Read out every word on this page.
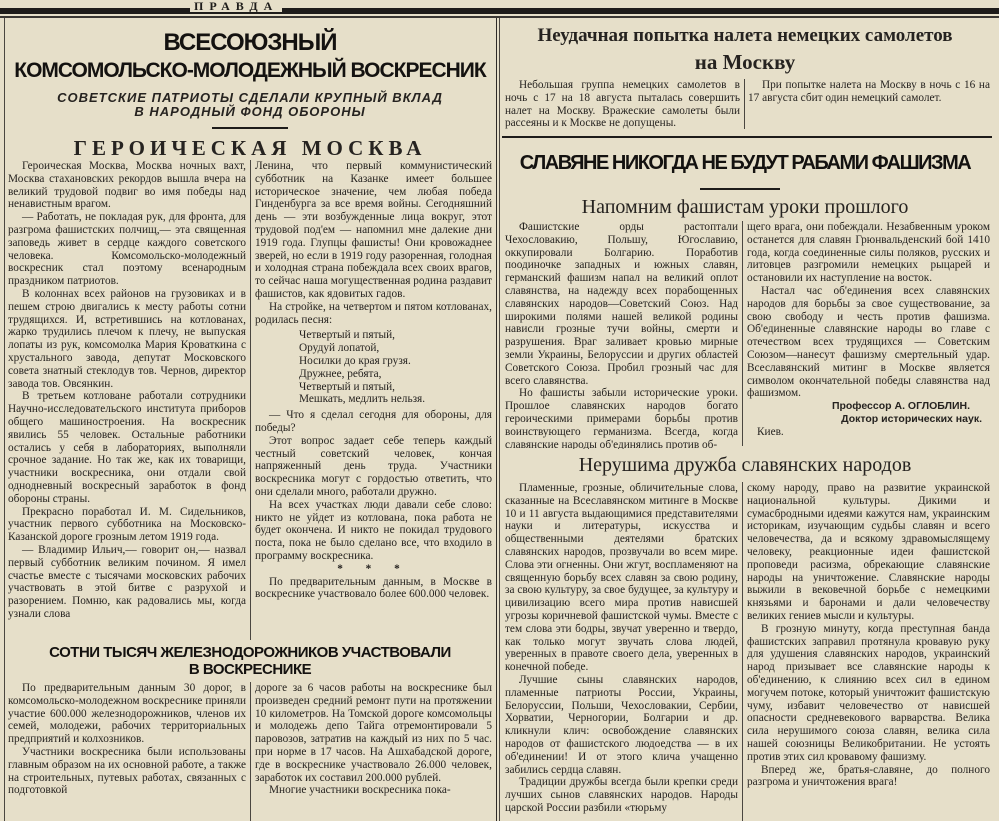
ПРАВДА
ВСЕСОЮЗНЫЙ
КОМСОМОЛЬСКО-МОЛОДЕЖНЫЙ ВОСКРЕСНИК
СОВЕТСКИЕ ПАТРИОТЫ СДЕЛАЛИ КРУПНЫЙ ВКЛАД
В НАРОДНЫЙ ФОНД ОБОРОНЫ
ГЕРОИЧЕСКАЯ МОСКВА

Героическая Москва, Москва ночных вахт, Москва стахановских рекордов вышла вчера на великий трудовой подвиг во имя победы над ненавистным врагом.

— Работать, не покладая рук, для фронта, для разгрома фашистских полчищ,— эта священная заповедь живет в сердце каждого советского человека. Комсомольско-молодежный воскресник стал поэтому всенародным праздником патриотов.

В колоннах всех районов на грузовиках и в пешем строю двигались к месту работы сотни трудящихся. И, встретившись на котлованах, жарко трудились плечом к плечу, не выпуская лопаты из рук, комсомолка Мария Кроваткина с хрустального завода, депутат Московского совета знатный стеклодув тов. Чернов, директор завода тов. Овсянкин.

В третьем котловане работали сотрудники Научно-исследовательского института приборов общего машиностроения. На воскресник явились 55 человек. Остальные работники остались у себя в лабораториях, выполняли срочное задание. Но так же, как их товарищи, участники воскресника, они отдали свой однодневный воскресный заработок в фонд обороны страны.

Прекрасно поработал И. М. Сидельников, участник первого субботника на Московско-Казанской дороге грозным летом 1919 года.

— Владимир Ильич,— говорит он,— назвал первый субботник великим почином. Я имел счастье вместе с тысячами московских рабочих участвовать в этой битве с разрухой и разорением. Помню, как радовались мы, когда узнали слова

Ленина, что первый коммунистический субботник на Казанке имеет большее историческое значение, чем любая победа Гинденбурга за все время войны. Сегодняшний день — эти возбужденные лица вокруг, этот трудовой под'ем — напомнил мне далекие дни 1919 года. Глупцы фашисты! Они кровожаднее зверей, но если в 1919 году разоренная, голодная и холодная страна побеждала всех своих врагов, то сейчас наша могущественная родина раздавит фашистов, как ядовитых гадов.

На стройке, на четвертом и пятом котлованах, родилась песня:

Четвертый и пятый,
Орудуй лопатой,
Носилки до края грузя.
Дружнее, ребята,
Четвертый и пятый,
Мешкать, медлить нельзя.

— Что я сделал сегодня для обороны, для победы?

Этот вопрос задает себе теперь каждый честный советский человек, кончая напряженный день труда. Участники воскресника могут с гордостью ответить, что они сделали много, работали дружно.

На всех участках люди давали себе слово: никто не уйдет из котлована, пока работа не будет окончена. И никто не покидал трудового поста, пока не было сделано все, что входило в программу воскресника.

* * *

По предварительным данным, в Москве в воскреснике участвовало более 600.000 человек.

СОТНИ ТЫСЯЧ ЖЕЛЕЗНОДОРОЖНИКОВ УЧАСТВОВАЛИ
В ВОСКРЕСНИКЕ

По предварительным данным 30 дорог, в комсомольско-молодежном воскреснике приняли участие 600.000 железнодорожников, членов их семей, молодежи, рабочих территориальных предприятий и колхозников.

Участники воскресника были использованы главным образом на их основной работе, а также на строительных, путевых работах, связанных с подготовкой

дороге за 6 часов работы на воскреснике был произведен средний ремонт пути на протяжении 10 километров. На Томской дороге комсомольцы и молодежь депо Тайга отремонтировали 5 паровозов, затратив на каждый из них по 5 час. при норме в 17 часов. На Ашхабадской дороге, где в воскреснике участвовало 26.000 человек, заработок их составил 200.000 рублей.

Многие участники воскресника пока-

Неудачная попытка налета немецких самолетов
на Москву

Небольшая группа немецких самолетов в ночь с 17 на 18 августа пыталась совершить налет на Москву. Вражеские самолеты были рассеяны и к Москве не допущены.

При попытке налета на Москву в ночь с 16 на 17 августа сбит один немецкий самолет.

СЛАВЯНЕ НИКОГДА НЕ БУДУТ РАБАМИ ФАШИЗМА
Напомним фашистам уроки прошлого

Фашистские орды растоптали Чехословакию, Польшу, Югославию, оккупировали Болгарию. Поработив поодиночке западных и южных славян, германский фашизм напал на великий оплот славянства, на надежду всех порабощенных славянских народов—Советский Союз. Над широкими полями нашей великой родины нависли грозные тучи войны, смерти и разрушения. Враг заливает кровью мирные земли Украины, Белоруссии и других областей Советского Союза. Пробил грозный час для всего славянства.

Но фашисты забыли исторические уроки. Прошлое славянских народов богато героическими примерами борьбы против воинствующего германизма. Всегда, когда славянские народы об'единялись против об-

щего врага, они побеждали. Незабвенным уроком останется для славян Грюнвальденский бой 1410 года, когда соединенные силы поляков, русских и литовцев разгромили немецких рыцарей и остановили их наступление на восток.

Настал час об'единения всех славянских народов для борьбы за свое существование, за свою свободу и честь против фашизма. Об'единенные славянские народы во главе с отечеством всех трудящихся — Советским Союзом—нанесут фашизму смертельный удар. Всеславянский митинг в Москве является символом окончательной победы славянства над фашизмом.

Профессор А. ОГЛОБЛИН.

Доктор исторических наук.

Киев.

Нерушима дружба славянских народов

Пламенные, грозные, обличительные слова, сказанные на Всеславянском митинге в Москве 10 и 11 августа выдающимися представителями науки и литературы, искусства и общественными деятелями братских славянских народов, прозвучали во всем мире. Слова эти огненны. Они жгут, воспламеняют на священную борьбу всех славян за свою родину, за свою культуру, за свое будущее, за культуру и цивилизацию всего мира против нависшей угрозы коричневой фашистской чумы. Вместе с тем слова эти бодры, звучат уверенно и твердо, как только могут звучать слова людей, уверенных в правоте своего дела, уверенных в конечной победе.

Лучшие сыны славянских народов, пламенные патриоты России, Украины, Белоруссии, Польши, Чехословакии, Сербии, Хорватии, Черногории, Болгарии и др. кликнули клич: освобождение славянских народов от фашистского людоедства — в их об'единении! И от этого клича учащенно забились сердца славян.

Традиции дружбы всегда были крепки среди лучших сынов славянских народов. Народы царской России разбили «тюрьму

скому народу, право на развитие украинской национальной культуры. Дикими и сумасбродными идеями кажутся нам, украинским историкам, изучающим судьбы славян и всего человечества, да и всякому здравомыслящему человеку, реакционные идеи фашистской проповеди расизма, обрекающие славянские народы на уничтожение. Славянские народы выжили в вековечной борьбе с немецкими князьями и баронами и дали человечеству великих гениев мысли и культуры.

В грозную минуту, когда преступная банда фашистских заправил протянула кровавую руку для удушения славянских народов, украинский народ призывает все славянские народы к об'единению, к слиянию всех сил в едином могучем потоке, который уничтожит фашистскую чуму, избавит человечество от нависшей опасности средневекового варварства. Велика сила нерушимого союза славян, велика сила нашей союзницы Великобритании. Не устоять против этих сил кровавому фашизму.

Вперед же, братья-славяне, до полного разгрома и уничтожения врага!
